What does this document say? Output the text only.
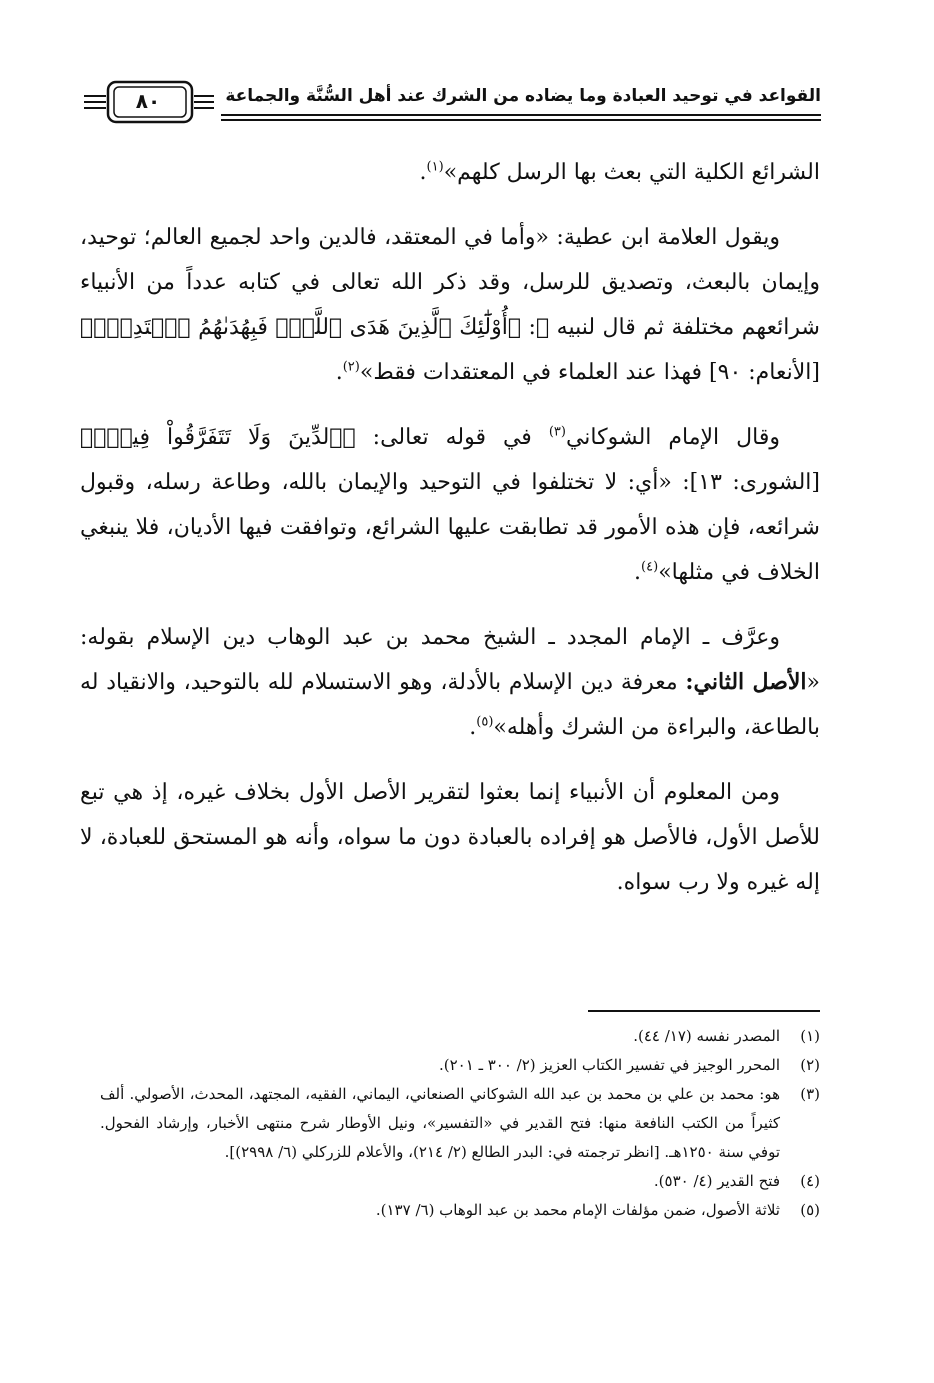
٨٠	القواعد في توحيد العبادة وما يضاده من الشرك عند أهل السُّنَّة والجماعة

الشرائع الكلية التي بعث بها الرسل كلهم»$^{(١)}$.

ويقول العلامة ابن عطية: «وأما في المعتقد، فالدين واحد لجميع العالم؛ توحيد، وإيمان بالبعث، وتصديق للرسل، وقد ذكر الله تعالى في كتابه عدداً من الأنبياء شرائعهم مختلفة ثم قال لنبيه ﷺ: ﴿أُوْلَٰٓئِكَ ٱلَّذِينَ هَدَى ٱللَّهُۖ فَبِهُدَىٰهُمُ ٱقۡتَدِهۡۗ﴾ [الأنعام: ٩٠] فهذا عند العلماء في المعتقدات فقط»$^{(٢)}$.

وقال الإمام الشوكاني$^{(٣)}$ في قوله تعالى: ﴿ٱلدِّينَ وَلَا تَتَفَرَّقُواْ فِيهِۚ﴾ [الشورى: ١٣]: «أي: لا تختلفوا في التوحيد والإيمان بالله، وطاعة رسله، وقبول شرائعه، فإن هذه الأمور قد تطابقت عليها الشرائع، وتوافقت فيها الأديان، فلا ينبغي الخلاف في مثلها»$^{(٤)}$.

وعرَّف ـ الإمام المجدد ـ الشيخ محمد بن عبد الوهاب دين الإسلام بقوله: «الأصل الثاني: معرفة دين الإسلام بالأدلة، وهو الاستسلام لله بالتوحيد، والانقياد له بالطاعة، والبراءة من الشرك وأهله»$^{(٥)}$.

ومن المعلوم أن الأنبياء إنما بعثوا لتقرير الأصل الأول بخلاف غيره، إذ هي تبع للأصل الأول، فالأصل هو إفراده بالعبادة دون ما سواه، وأنه هو المستحق للعبادة، لا إله غيره ولا رب سواه.

(١)
المصدر نفسه (١٧/ ٤٤).
(٢)
المحرر الوجيز في تفسير الكتاب العزيز (٢/ ٣٠٠ ـ ٢٠١).
(٣)
هو: محمد بن علي بن محمد بن عبد الله الشوكاني الصنعاني، اليماني، الفقيه، المجتهد، المحدث، الأصولي. ألف كثيراً من الكتب النافعة منها: فتح القدير في «التفسير»، ونيل الأوطار شرح منتهى الأخبار، وإرشاد الفحول. توفي سنة ١٢٥٠هـ. [انظر ترجمته في: البدر الطالع (٢/ ٢١٤)، والأعلام للزركلي (٦/ ٢٩٩٨)].
(٤)
فتح القدير (٤/ ٥٣٠).
(٥)
ثلاثة الأصول، ضمن مؤلفات الإمام محمد بن عبد الوهاب (٦/ ١٣٧).
